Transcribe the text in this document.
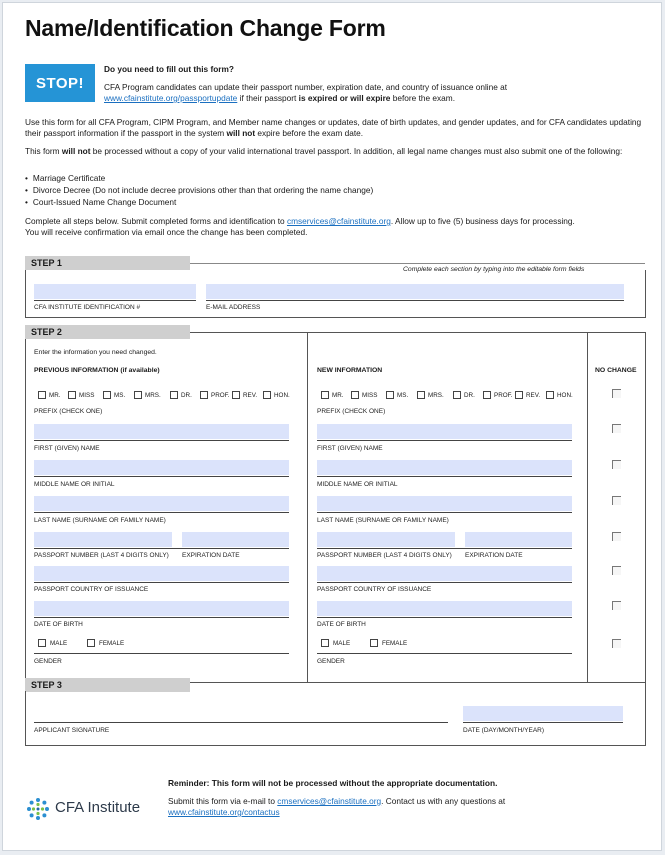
Name/Identification Change Form
STOP!
Do you need to fill out this form?
CFA Program candidates can update their passport number, expiration date, and country of issuance online at
www.cfainstitute.org/passportupdate if their passport is expired or will expire before the exam.
Use this form for all CFA Program, CIPM Program, and Member name changes or updates, date of birth updates, and gender updates, and for CFA candidates updating their passport information if the passport in the system will not expire before the exam date.
This form will not be processed without a copy of your valid international travel passport. In addition, all legal name changes must also submit one of the following:
• Marriage Certificate
• Divorce Decree (Do not include decree provisions other than that ordering the name change)
• Court-Issued Name Change Document
Complete all steps below. Submit completed forms and identification to cmservices@cfainstitute.org. Allow up to five (5) business days for processing.
You will receive confirmation via email once the change has been completed.
STEP 1
Complete each section by typing into the editable form fields
CFA INSTITUTE IDENTIFICATION #	E-MAIL ADDRESS
STEP 2
Enter the information you need changed.
PREVIOUS INFORMATION (if available)	NEW INFORMATION	NO CHANGE
MR.	MISS	MS.	MRS.	DR.	PROF. REV.	HON.	MR.	MISS	MS.	MRS.	DR.	PROF. REV.	HON.
PREFIX (CHECK ONE)	PREFIX (CHECK ONE)
FIRST (GIVEN) NAME	FIRST (GIVEN) NAME
MIDDLE NAME OR INITIAL	MIDDLE NAME OR INITIAL
LAST NAME (SURNAME OR FAMILY NAME)	LAST NAME (SURNAME OR FAMILY NAME)
PASSPORT NUMBER (LAST 4 DIGITS ONLY) EXPIRATION DATE	PASSPORT NUMBER (LAST 4 DIGITS ONLY) EXPIRATION DATE
PASSPORT COUNTRY OF ISSUANCE	PASSPORT COUNTRY OF ISSUANCE
DATE OF BIRTH	DATE OF BIRTH
MALE	FEMALE
GENDER
MALE	FEMALE
GENDER
STEP 3
APPLICANT SIGNATURE	DATE (DAY/MONTH/YEAR)
Reminder: This form will not be processed without the appropriate documentation.
Submit this form via e-mail to cmservices@cfainstitute.org. Contact us with any questions at
www.cfainstitute.org/contactus
CFA Institute
